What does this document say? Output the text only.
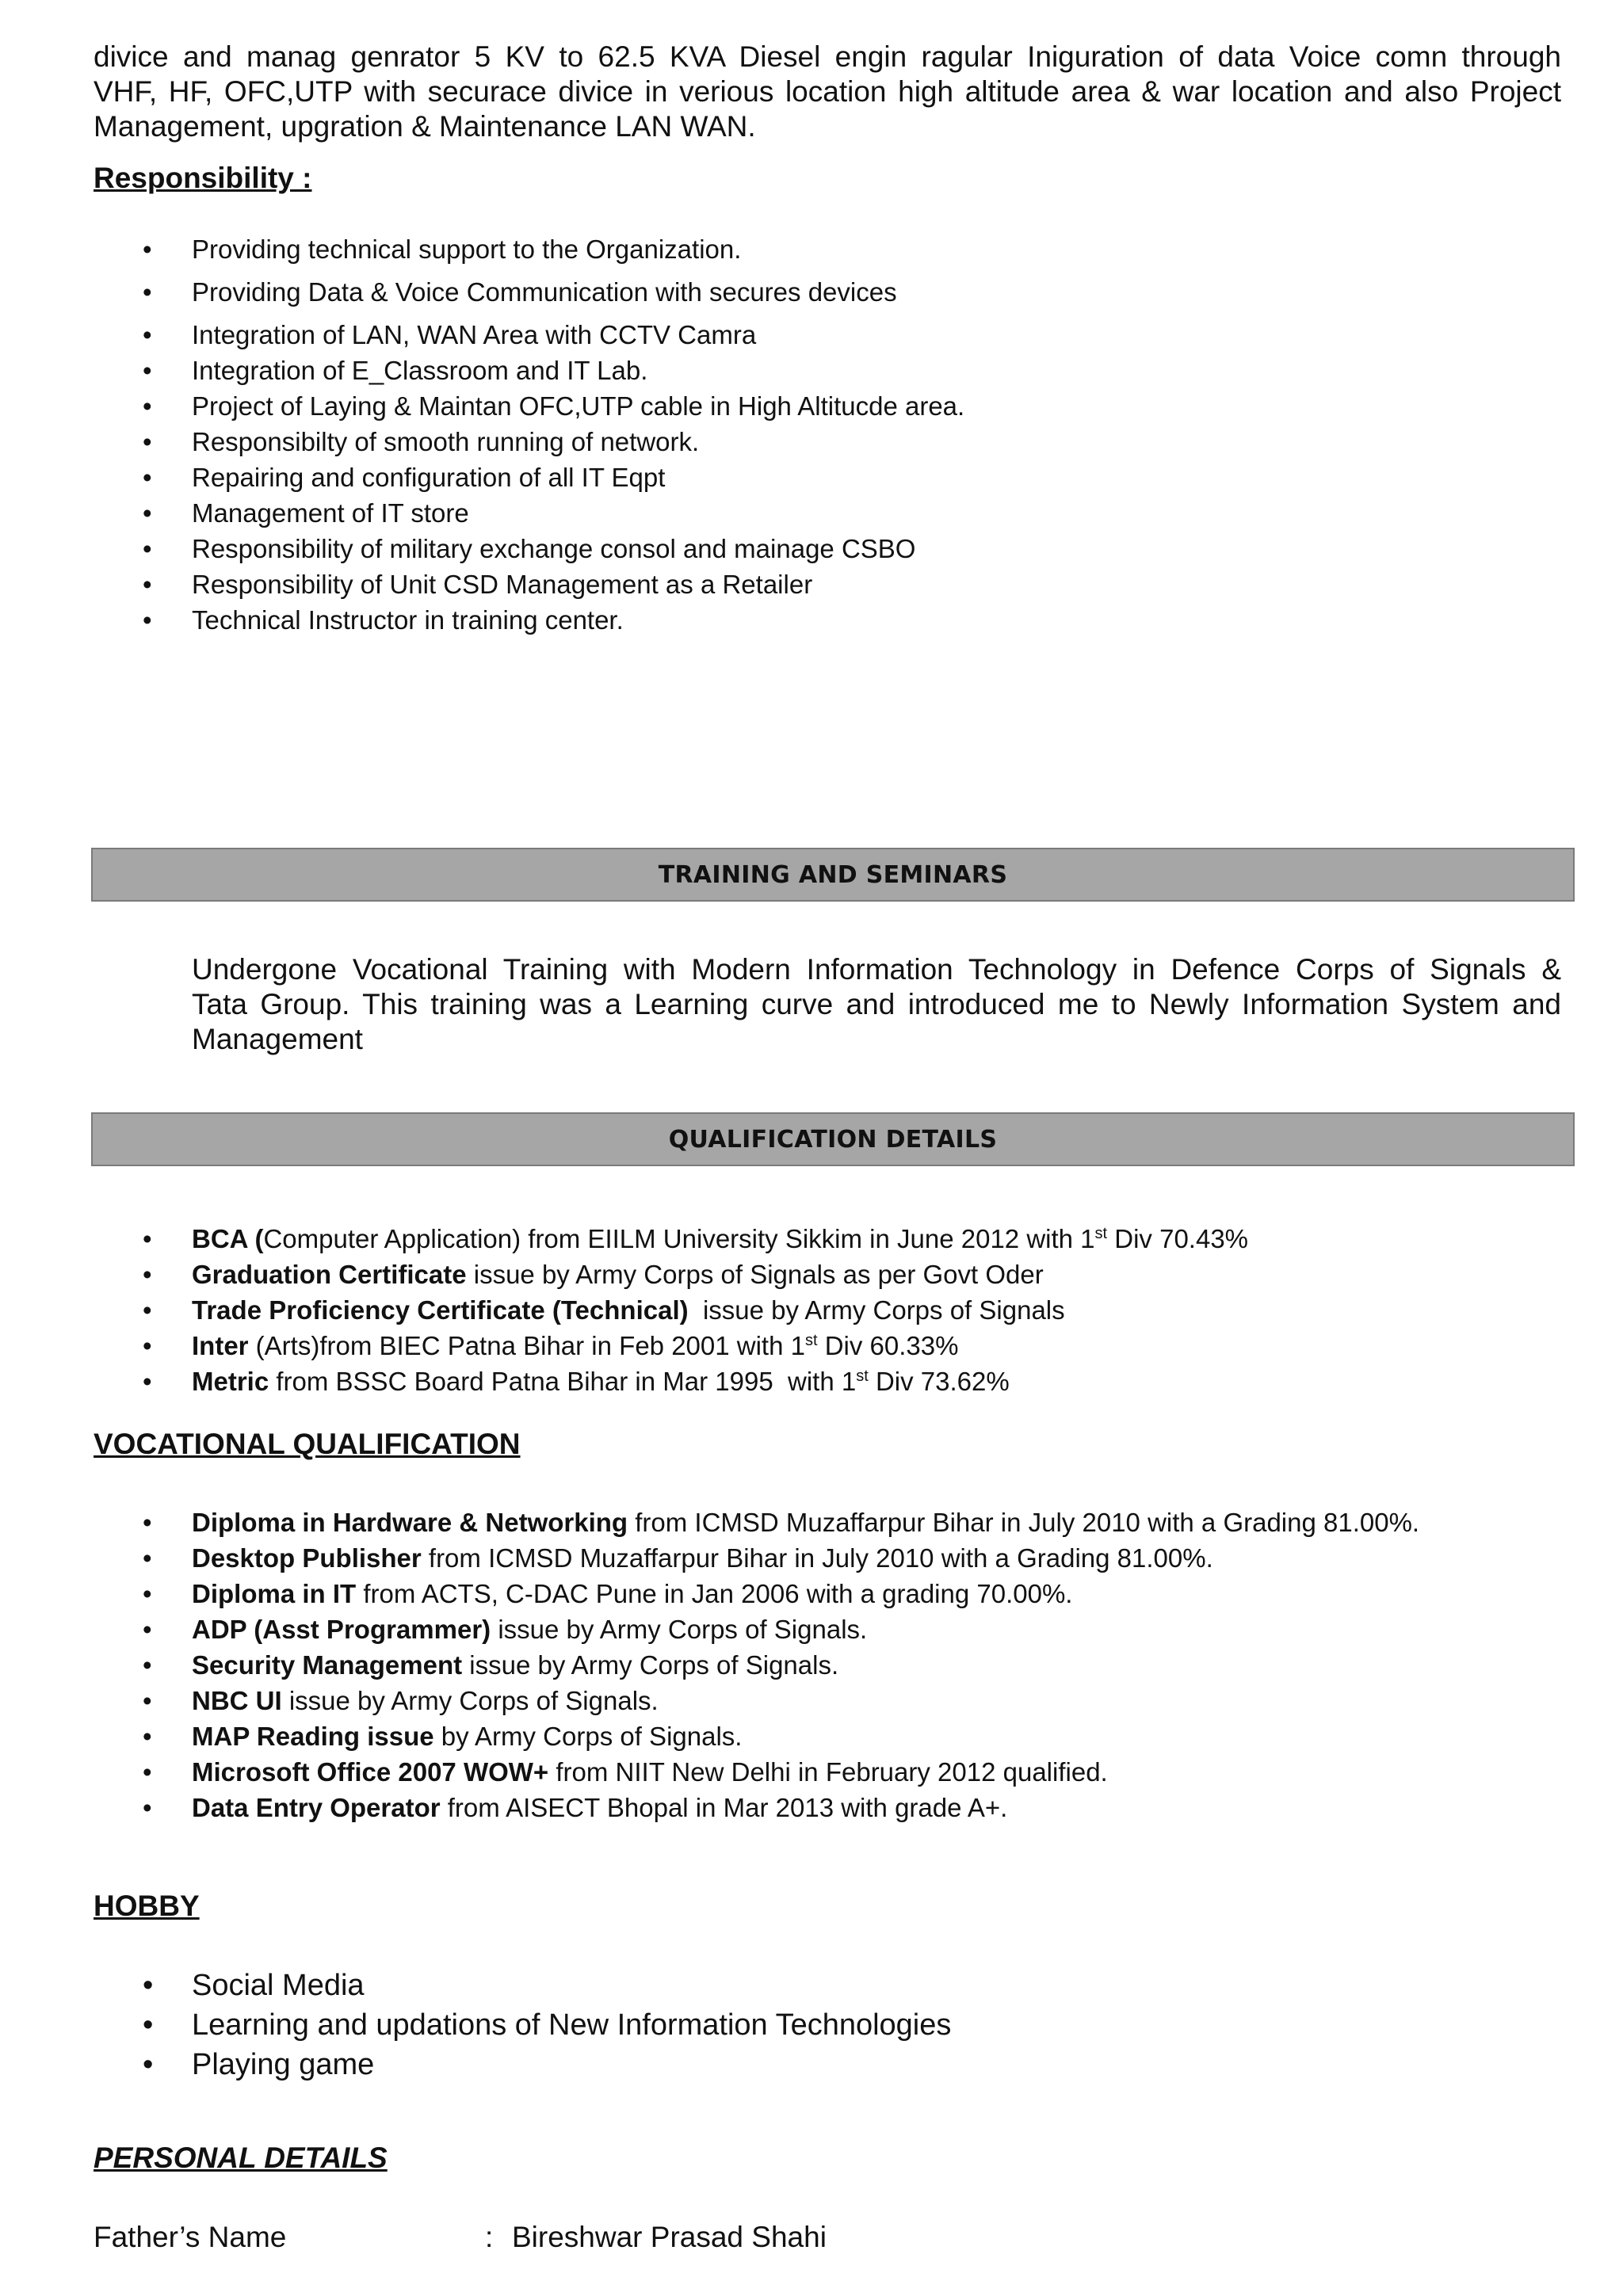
divice and manag genrator 5 KV to 62.5 KVA Diesel engin ragular Iniguration of data Voice comn through
VHF, HF, OFC,UTP with securace divice in verious location high altitude area & war location and also Project
Management, upgration & Maintenance LAN WAN.

Responsibility :
• Providing technical support to the Organization.
• Providing Data & Voice Communication with secures devices
• Integration of LAN, WAN Area with CCTV Camra
• Integration of E_Classroom and IT Lab.
• Project of Laying & Maintan OFC,UTP cable in High Altitucde area.
• Responsibilty of smooth running of network.
• Repairing and configuration of all IT Eqpt
• Management of IT store
• Responsibility of military exchange consol and mainage CSBO
• Responsibility of Unit CSD Management as a Retailer
• Technical Instructor in training center.
TRAINING AND SEMINARS

Undergone Vocational Training with Modern Information Technology in Defence Corps of Signals &
Tata Group. This training was a Learning curve and introduced me to Newly Information System and
Management

QUALIFICATION DETAILS
• BCA (Computer Application) from EIILM University Sikkim in June 2012 with 1st Div 70.43%
• Graduation Certificate issue by Army Corps of Signals as per Govt Oder
• Trade Proficiency Certificate (Technical)  issue by Army Corps of Signals
• Inter (Arts)from BIEC Patna Bihar in Feb 2001 with 1st Div 60.33%
• Metric from BSSC Board Patna Bihar in Mar 1995  with 1st Div 73.62%
VOCATIONAL QUALIFICATION
• Diploma in Hardware & Networking from ICMSD Muzaffarpur Bihar in July 2010 with a Grading 81.00%.
• Desktop Publisher from ICMSD Muzaffarpur Bihar in July 2010 with a Grading 81.00%.
• Diploma in IT from ACTS, C-DAC Pune in Jan 2006 with a grading 70.00%.
• ADP (Asst Programmer) issue by Army Corps of Signals.
• Security Management issue by Army Corps of Signals.
• NBC UI issue by Army Corps of Signals.
• MAP Reading issue by Army Corps of Signals.
• Microsoft Office 2007 WOW+ from NIIT New Delhi in February 2012 qualified.
• Data Entry Operator from AISECT Bhopal in Mar 2013 with grade A+.
HOBBY
• Social Media
• Learning and updations of New Information Technologies
• Playing game
PERSONAL DETAILS
Father’s Name	: Bireshwar Prasad Shahi
